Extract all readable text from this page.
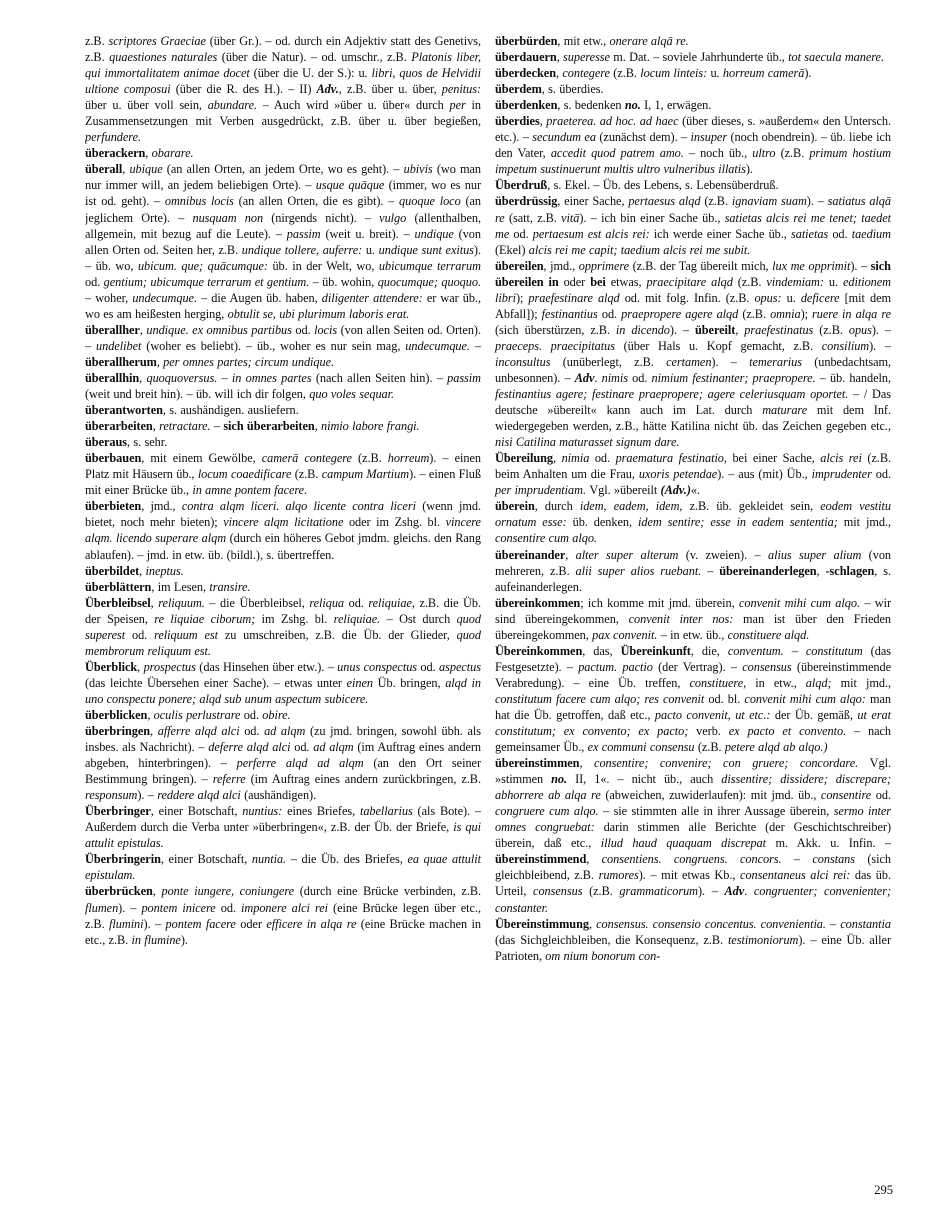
z.B. scriptores Graeciae (über Gr.). – od. durch ein Adjektiv statt des Genetivs, z.B. quaestiones naturales (über die Natur). – od. umschr., z.B. Platonis liber, qui immortalitatem animae docet (über die U. der S.): u. libri, quos de Helvidii ultione composui (über die R. des H.). – II) Adv., z.B. über u. über, penitus: über u. über voll sein, abundare. – Auch wird »über u. über« durch per in Zusammensetzungen mit Verben ausgedrückt, z.B. über u. über begießen, perfundere.

überackern, obarare.

überall, ubique (an allen Orten, an jedem Orte, wo es geht). – ubivis (wo man nur immer will, an jedem beliebigen Orte). – usque quāque (immer, wo es nur ist od. geht). – omnibus locis (an allen Orten, die es gibt). – quoque loco (an jeglichem Orte). – nusquam non (nirgends nicht). – vulgo (allenthalben, allgemein, mit bezug auf die Leute). – passim (weit u. breit). – undique (von allen Orten od. Seiten her, z.B. undique tollere, auferre: u. undique sunt exitus). – üb. wo, ubicum. que; quācumque: üb. in der Welt, wo, ubicumque terrarum od. gentium; ubicumque terrarum et gentium. – üb. wohin, quocumque; quoquo. – woher, undecumque. – die Augen üb. haben, diligenter attendere: er war üb., wo es am heißesten herging, obtulit se, ubi plurimum laboris erat.

überallher, undique. ex omnibus partibus od. locis (von allen Seiten od. Orten). – undelibet (woher es beliebt). – üb., woher es nur sein mag, undecumque. – überallherum, per omnes partes; circum undique.

überallhin, quoquoversus. – in omnes partes (nach allen Seiten hin). – passim (weit und breit hin). – üb. will ich dir folgen, quo voles sequar.

überantworten, s. aushändigen. ausliefern.

überarbeiten, retractare. – sich überarbeiten, nimio labore frangi.

überaus, s. sehr.

überbauen, mit einem Gewölbe, camerā contegere (z.B. horreum). – einen Platz mit Häusern üb., locum coaedificare (z.B. campum Martium). – einen Fluß mit einer Brücke üb., in amne pontem facere.

überbieten, jmd., contra alqm liceri. alqo licente contra liceri (wenn jmd. bietet, noch mehr bieten); vincere alqm licitatione oder im Zshg. bl. vincere alqm. licendo superare alqm (durch ein höheres Gebot jmdm. gleichs. den Rang ablaufen). – jmd. in etw. üb. (bildl.), s. übertreffen.

überbildet, ineptus.

überblättern, im Lesen, transire.

Überbleibsel, reliquum. – die Überbleibsel, reliqua od. reliquiae, z.B. die Üb. der Speisen, re liquiae ciborum; im Zshg. bl. reliquiae. – Ost durch quod superest od. reliquum est zu umschreiben, z.B. die Üb. der Glieder, quod membrorum reliquum est.

Überblick, prospectus (das Hinsehen über etw.). – unus conspectus od. aspectus (das leichte Übersehen einer Sache). – etwas unter einen Üb. bringen, alqd in uno conspectu ponere; alqd sub unum aspectum subicere.

überblicken, oculis perlustrare od. obire.

überbringen, afferre alqd alci od. ad alqm (zu jmd. bringen, sowohl übh. als insbes. als Nachricht). – deferre alqd alci od. ad alqm (im Auftrag eines andern abgeben, hinterbringen). – perferre alqd ad alqm (an den Ort seiner Bestimmung bringen). – referre (im Auftrag eines andern zurückbringen, z.B. responsum). – reddere alqd alci (aushändigen).

Überbringer, einer Botschaft, nuntius: eines Briefes, tabellarius (als Bote). – Außerdem durch die Verba unter »überbringen«, z.B. der Üb. der Briefe, is qui attulit epistulas.

Überbringerin, einer Botschaft, nuntia. – die Üb. des Briefes, ea quae attulit epistulam.

überbrücken, ponte iungere, coniungere (durch eine Brücke verbinden, z.B. flumen). – pontem inicere od. imponere alci rei (eine Brücke legen über etc., z.B. flumini). – pontem facere oder efficere in alqa re (eine Brücke machen in etc., z.B. in flumine).

überbürden, mit etw., onerare alqā re.

überdauern, superesse m. Dat. – soviele Jahrhunderte üb., tot saecula manere.

überdecken, contegere (z.B. locum linteis: u. horreum camerā).

überdem, s. überdies.

überdenken, s. bedenken no. I, 1, erwägen.

überdies, praeterea. ad hoc. ad haec (über dieses, s. »außerdem« den Untersch. etc.). – secundum ea (zunächst dem). – insuper (noch obendrein). – üb. liebe ich den Vater, accedit quod patrem amo. – noch üb., ultro (z.B. primum hostium impetum sustinuerunt multis ultro vulneribus illatis).

Überdruß, s. Ekel. – Üb. des Lebens, s. Lebensüberdruß.

überdrüssig, einer Sache, pertaesus alqd (z.B. ignaviam suam). – satiatus alqā re (satt, z.B. vitā). – ich bin einer Sache üb., satietas alcis rei me tenet; taedet me od. pertaesum est alcis rei: ich werde einer Sache üb., satietas od. taedium (Ekel) alcis rei me capit; taedium alcis rei me subit.

übereilen, jmd., opprimere (z.B. der Tag übereilt mich, lux me opprimit). – sich übereilen in oder bei etwas, praecipitare alqd (z.B. vindemiam: u. editionem libri); praefestinare alqd od. mit folg. Infin. (z.B. opus: u. deficere [mit dem Abfall]); festinantius od. praepropere agere alqd (z.B. omnia); ruere in alqa re (sich überstürzen, z.B. in dicendo). – übereilt, praefestinatus (z.B. opus). – praeceps. praecipitatus (über Hals u. Kopf gemacht, z.B. consilium). – inconsultus (unüberlegt, z.B. certamen). – temerarius (unbedachtsam, unbesonnen). – Adv. nimis od. nimium festinanter; praepropere. – üb. handeln, festinantius agere; festinare praepropere; agere celeriusquam oportet. – / Das deutsche »übereilt« kann auch im Lat. durch maturare mit dem Inf. wiedergegeben werden, z.B., hätte Katilina nicht üb. das Zeichen gegeben etc., nisi Catilina maturasset signum dare.

Übereilung, nimia od. praematura festinatio, bei einer Sache, alcis rei (z.B. beim Anhalten um die Frau, uxoris petendae). – aus (mit) Üb., imprudenter od. per imprudentiam. Vgl. »übereilt (Adv.)«.

überein, durch idem, eadem, idem, z.B. üb. gekleidet sein, eodem vestitu ornatum esse: üb. denken, idem sentire; esse in eadem sententia; mit jmd., consentire cum alqo.

übereinander, alter super alterum (v. zweien). – alius super alium (von mehreren, z.B. alii super alios ruebant. – übereinanderlegen, -schlagen, s. aufeinanderlegen.

übereinkommen; ich komme mit jmd. überein, convenit mihi cum alqo. – wir sind übereingekommen, convenit inter nos: man ist über den Frieden übereingekommen, pax convenit. – in etw. üb., constituere alqd.

Übereinkommen, das, Übereinkunft, die, conventum. – constitutum (das Festgesetzte). – pactum. pactio (der Vertrag). – consensus (übereinstimmende Verabredung). – eine Üb. treffen, constituere, in etw., alqd; mit jmd., constitutum facere cum alqo; res convenit od. bl. convenit mihi cum alqo: man hat die Üb. getroffen, daß etc., pacto convenit, ut etc.: der Üb. gemäß, ut erat constitutum; ex convento; ex pacto; verb. ex pacto et convento. – nach gemeinsamer Üb., ex communi consensu (z.B. petere alqd ab alqo.)

übereinstimmen, consentire; convenire; con gruere; concordare. Vgl. »stimmen no. II, 1«. – nicht üb., auch dissentire; dissidere; discrepare; abhorrere ab alqa re (abweichen, zuwiderlaufen): mit jmd. üb., consentire od. congruere cum alqo. – sie stimmten alle in ihrer Aussage überein, sermo inter omnes congruebat: darin stimmen alle Berichte (der Geschichtschreiber) überein, daß etc., illud haud quaquam discrepat m. Akk. u. Infin. – übereinstimmend, consentiens. congruens. concors. – constans (sich gleichbleibend, z.B. rumores). – mit etwas Kb., consentaneus alci rei: das üb. Urteil, consensus (z.B. grammaticorum). – Adv. congruenter; convenienter; constanter.

Übereinstimmung, consensus. consensio concentus. convenientia. – constantia (das Sichgleichbleiben, die Konsequenz, z.B. testimoniorum). – eine Üb. aller Patrioten, om nium bonorum con-

295
